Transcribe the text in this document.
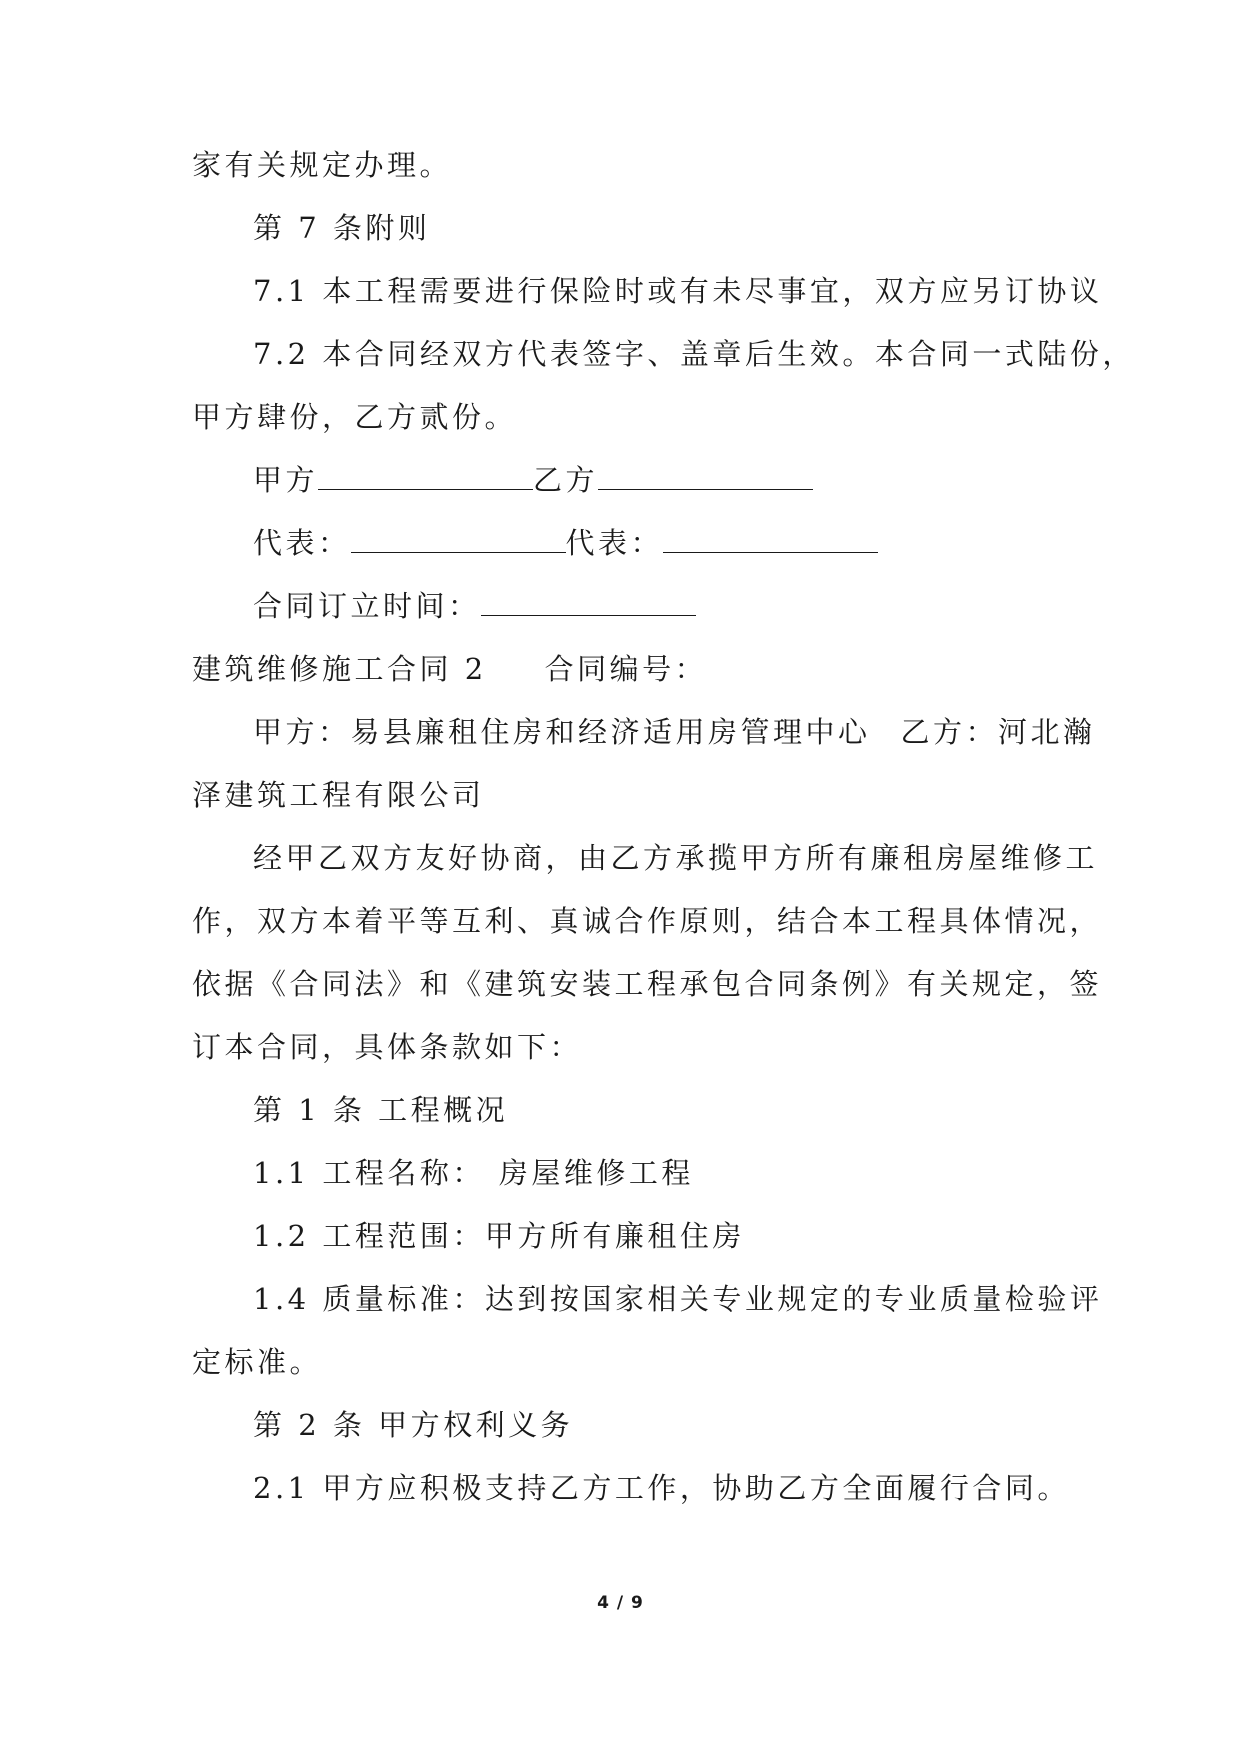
家有关规定办理。
第 7 条附则
7.1 本工程需要进行保险时或有未尽事宜，双方应另订协议
7.2 本合同经双方代表签字、盖章后生效。本合同一式陆份，
甲方肆份，乙方贰份。
甲方	乙方
代表：	代表：
合同订立时间：
建筑维修施工合同 2 合同编号：
甲方：易县廉租住房和经济适用房管理中心 乙方：河北瀚
泽建筑工程有限公司
经甲乙双方友好协商，由乙方承揽甲方所有廉租房屋维修工
作，双方本着平等互利、真诚合作原则，结合本工程具体情况，
依据《合同法》和《建筑安装工程承包合同条例》有关规定，签
订本合同，具体条款如下：
第 1 条 工程概况
1.1 工程名称： 房屋维修工程
1.2 工程范围：甲方所有廉租住房
1.4 质量标准：达到按国家相关专业规定的专业质量检验评
定标准。
第 2 条 甲方权利义务
2.1 甲方应积极支持乙方工作，协助乙方全面履行合同。
4 / 9
